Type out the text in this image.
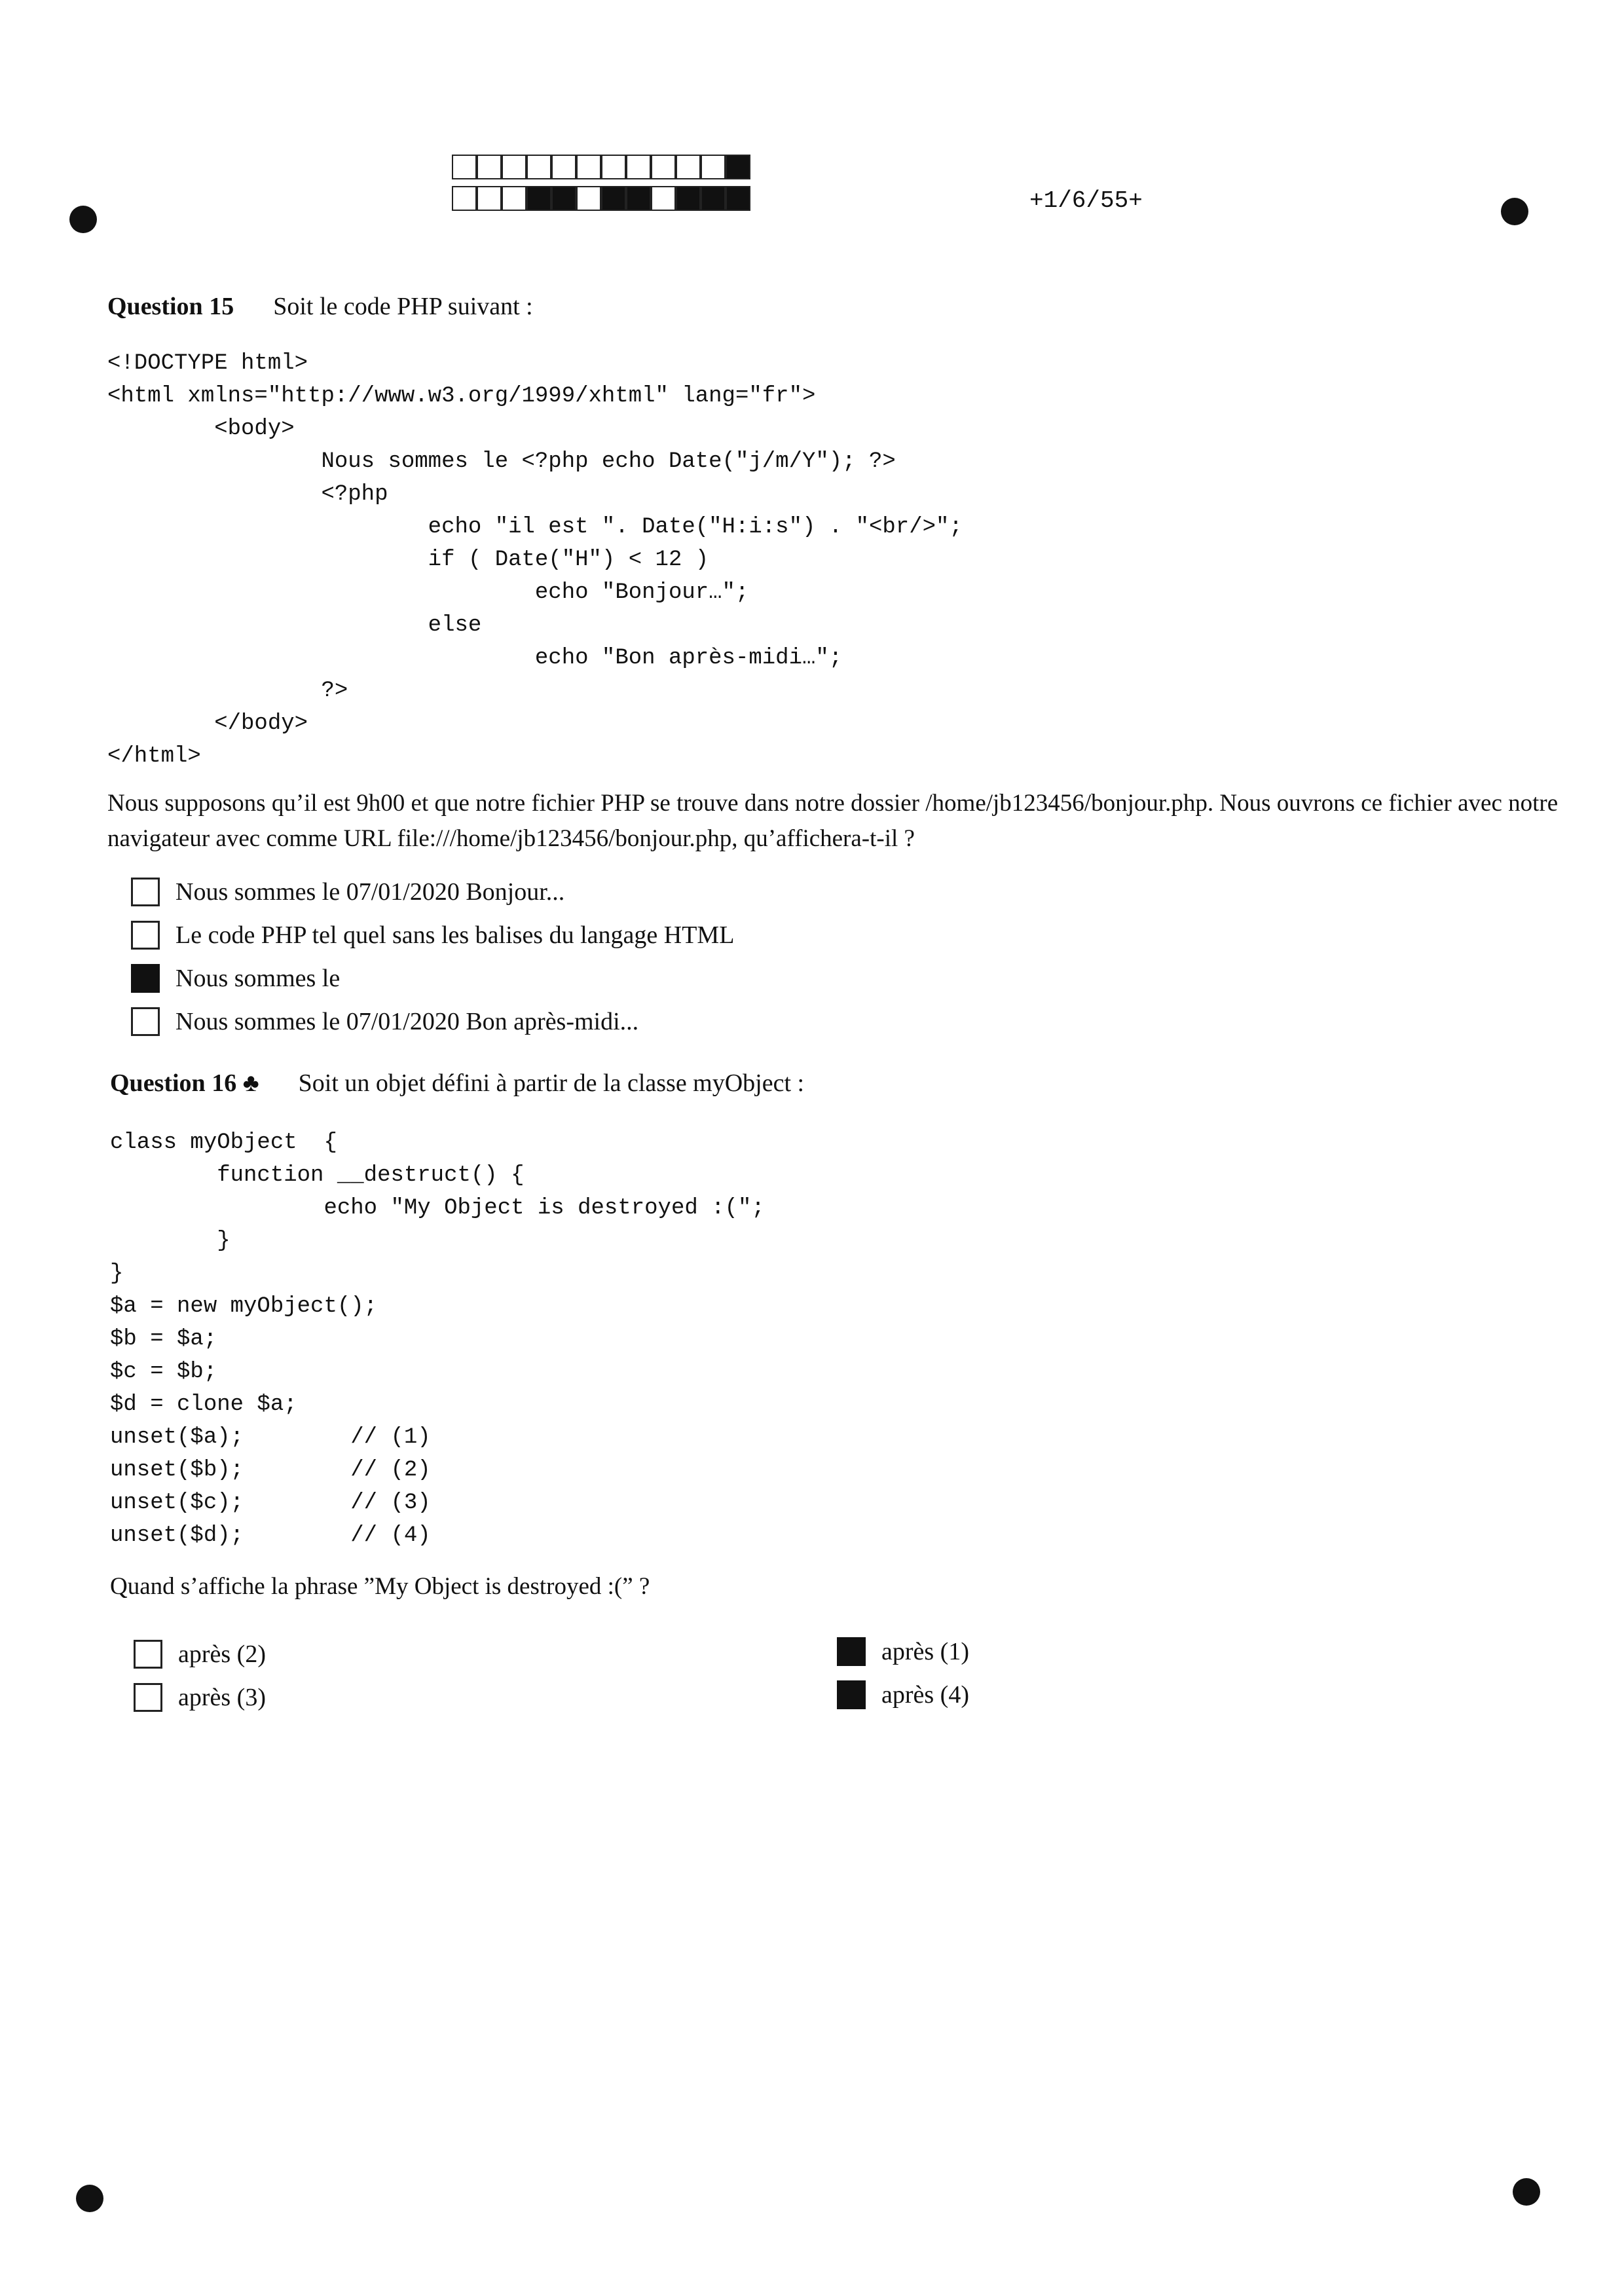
+1/6/55+
Question 15 Soit le code PHP suivant :
<!DOCTYPE html>
<html xmlns="http://www.w3.org/1999/xhtml" lang="fr">
<body>
Nous sommes le <?php echo Date("j/m/Y"); ?>
<?php
echo "il est ". Date("H:i:s") . "<br/>";
if ( Date("H") < 12 )
echo "Bonjour…";
else
echo "Bon après-midi…";
?>
</body>
</html>

Nous supposons qu’il est 9h00 et que notre fichier PHP se trouve dans notre dossier /home/jb123456/bonjour.php. Nous ouvrons ce fichier avec notre navigateur avec comme URL file:///home/jb123456/bonjour.php, qu’affichera-t-il ?

Nous sommes le 07/01/2020 Bonjour...
Le code PHP tel quel sans les balises du langage HTML
Nous sommes le
Nous sommes le 07/01/2020 Bon après-midi...
Question 16 ♣ Soit un objet défini à partir de la classe myObject :
class myObject  {
function __destruct() {
echo "My Object is destroyed :(";
}
}
$a = new myObject();
$b = $a;
$c = $b;
$d = clone $a;
unset($a);        // (1)
unset($b);        // (2)
unset($c);        // (3)
unset($d);        // (4)

Quand s’affiche la phrase ”My Object is destroyed :(” ?

après (2)
après (3)
après (1)
après (4)
